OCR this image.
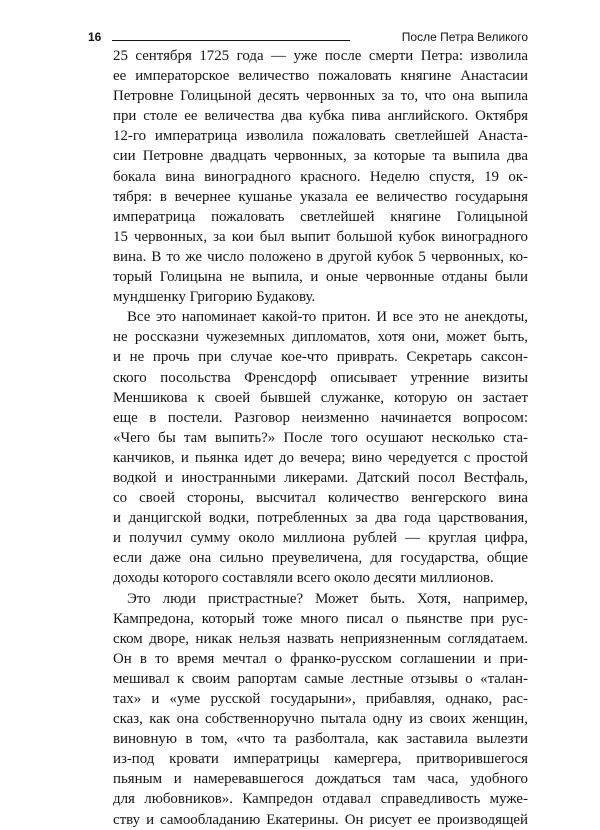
16	После Петра Великого

25 сентября 1725 года — уже после смерти Петра: изволила

ее императорское величество пожаловать княгине Анастасии

Петровне Голицыной десять червонных за то, что она выпила

при столе ее величества два кубка пива английского. Октября

12-го императрица изволила пожаловать светлейшей Анаста-

сии Петровне двадцать червонных, за которые та выпила два

бокала вина виноградного красного. Неделю спустя, 19 ок-

тября: в вечернее кушанье указала ее величество государыня

императрица пожаловать светлейшей княгине Голицыной

15 червонных, за кои был выпит большой кубок виноградного

вина. В то же число положено в другой кубок 5 червонных, ко-

торый Голицына не выпила, и оные червонные отданы были

мундшенку Григорию Будакову.

Все это напоминает какой-то притон. И все это не анекдоты,

не россказни чужеземных дипломатов, хотя они, может быть,

и не прочь при случае кое-что приврать. Секретарь саксон-

ского посольства Френсдорф описывает утренние визиты

Меншикова к своей бывшей служанке, которую он застает

еще в постели. Разговор неизменно начинается вопросом:

«Чего бы там выпить?» После того осушают несколько ста-

канчиков, и пьянка идет до вечера; вино чередуется с простой

водкой и иностранными ликерами. Датский посол Вестфаль,

со своей стороны, высчитал количество венгерского вина

и данцигской водки, потребленных за два года царствования,

и получил сумму около миллиона рублей — круглая цифра,

если даже она сильно преувеличена, для государства, общие

доходы которого составляли всего около десяти миллионов.

Это люди пристрастные? Может быть. Хотя, например,

Кампредона, который тоже много писал о пьянстве при рус-

ском дворе, никак нельзя назвать неприязненным соглядатаем.

Он в то время мечтал о франко-русском соглашении и при-

мешивал к своим рапортам самые лестные отзывы о «талан-

тах» и «уме русской государыни», прибавляя, однако, рас-

сказ, как она собственноручно пытала одну из своих женщин,

виновную в том, «что та разболтала, как заставила вылезти

из-под кровати императрицы камергера, притворившегося

пьяным и намеревавшегося дождаться там часа, удобного

для любовников». Кампредон отдавал справедливость муже-

ству и самообладанию Екатерины. Он рисует ее производящей
